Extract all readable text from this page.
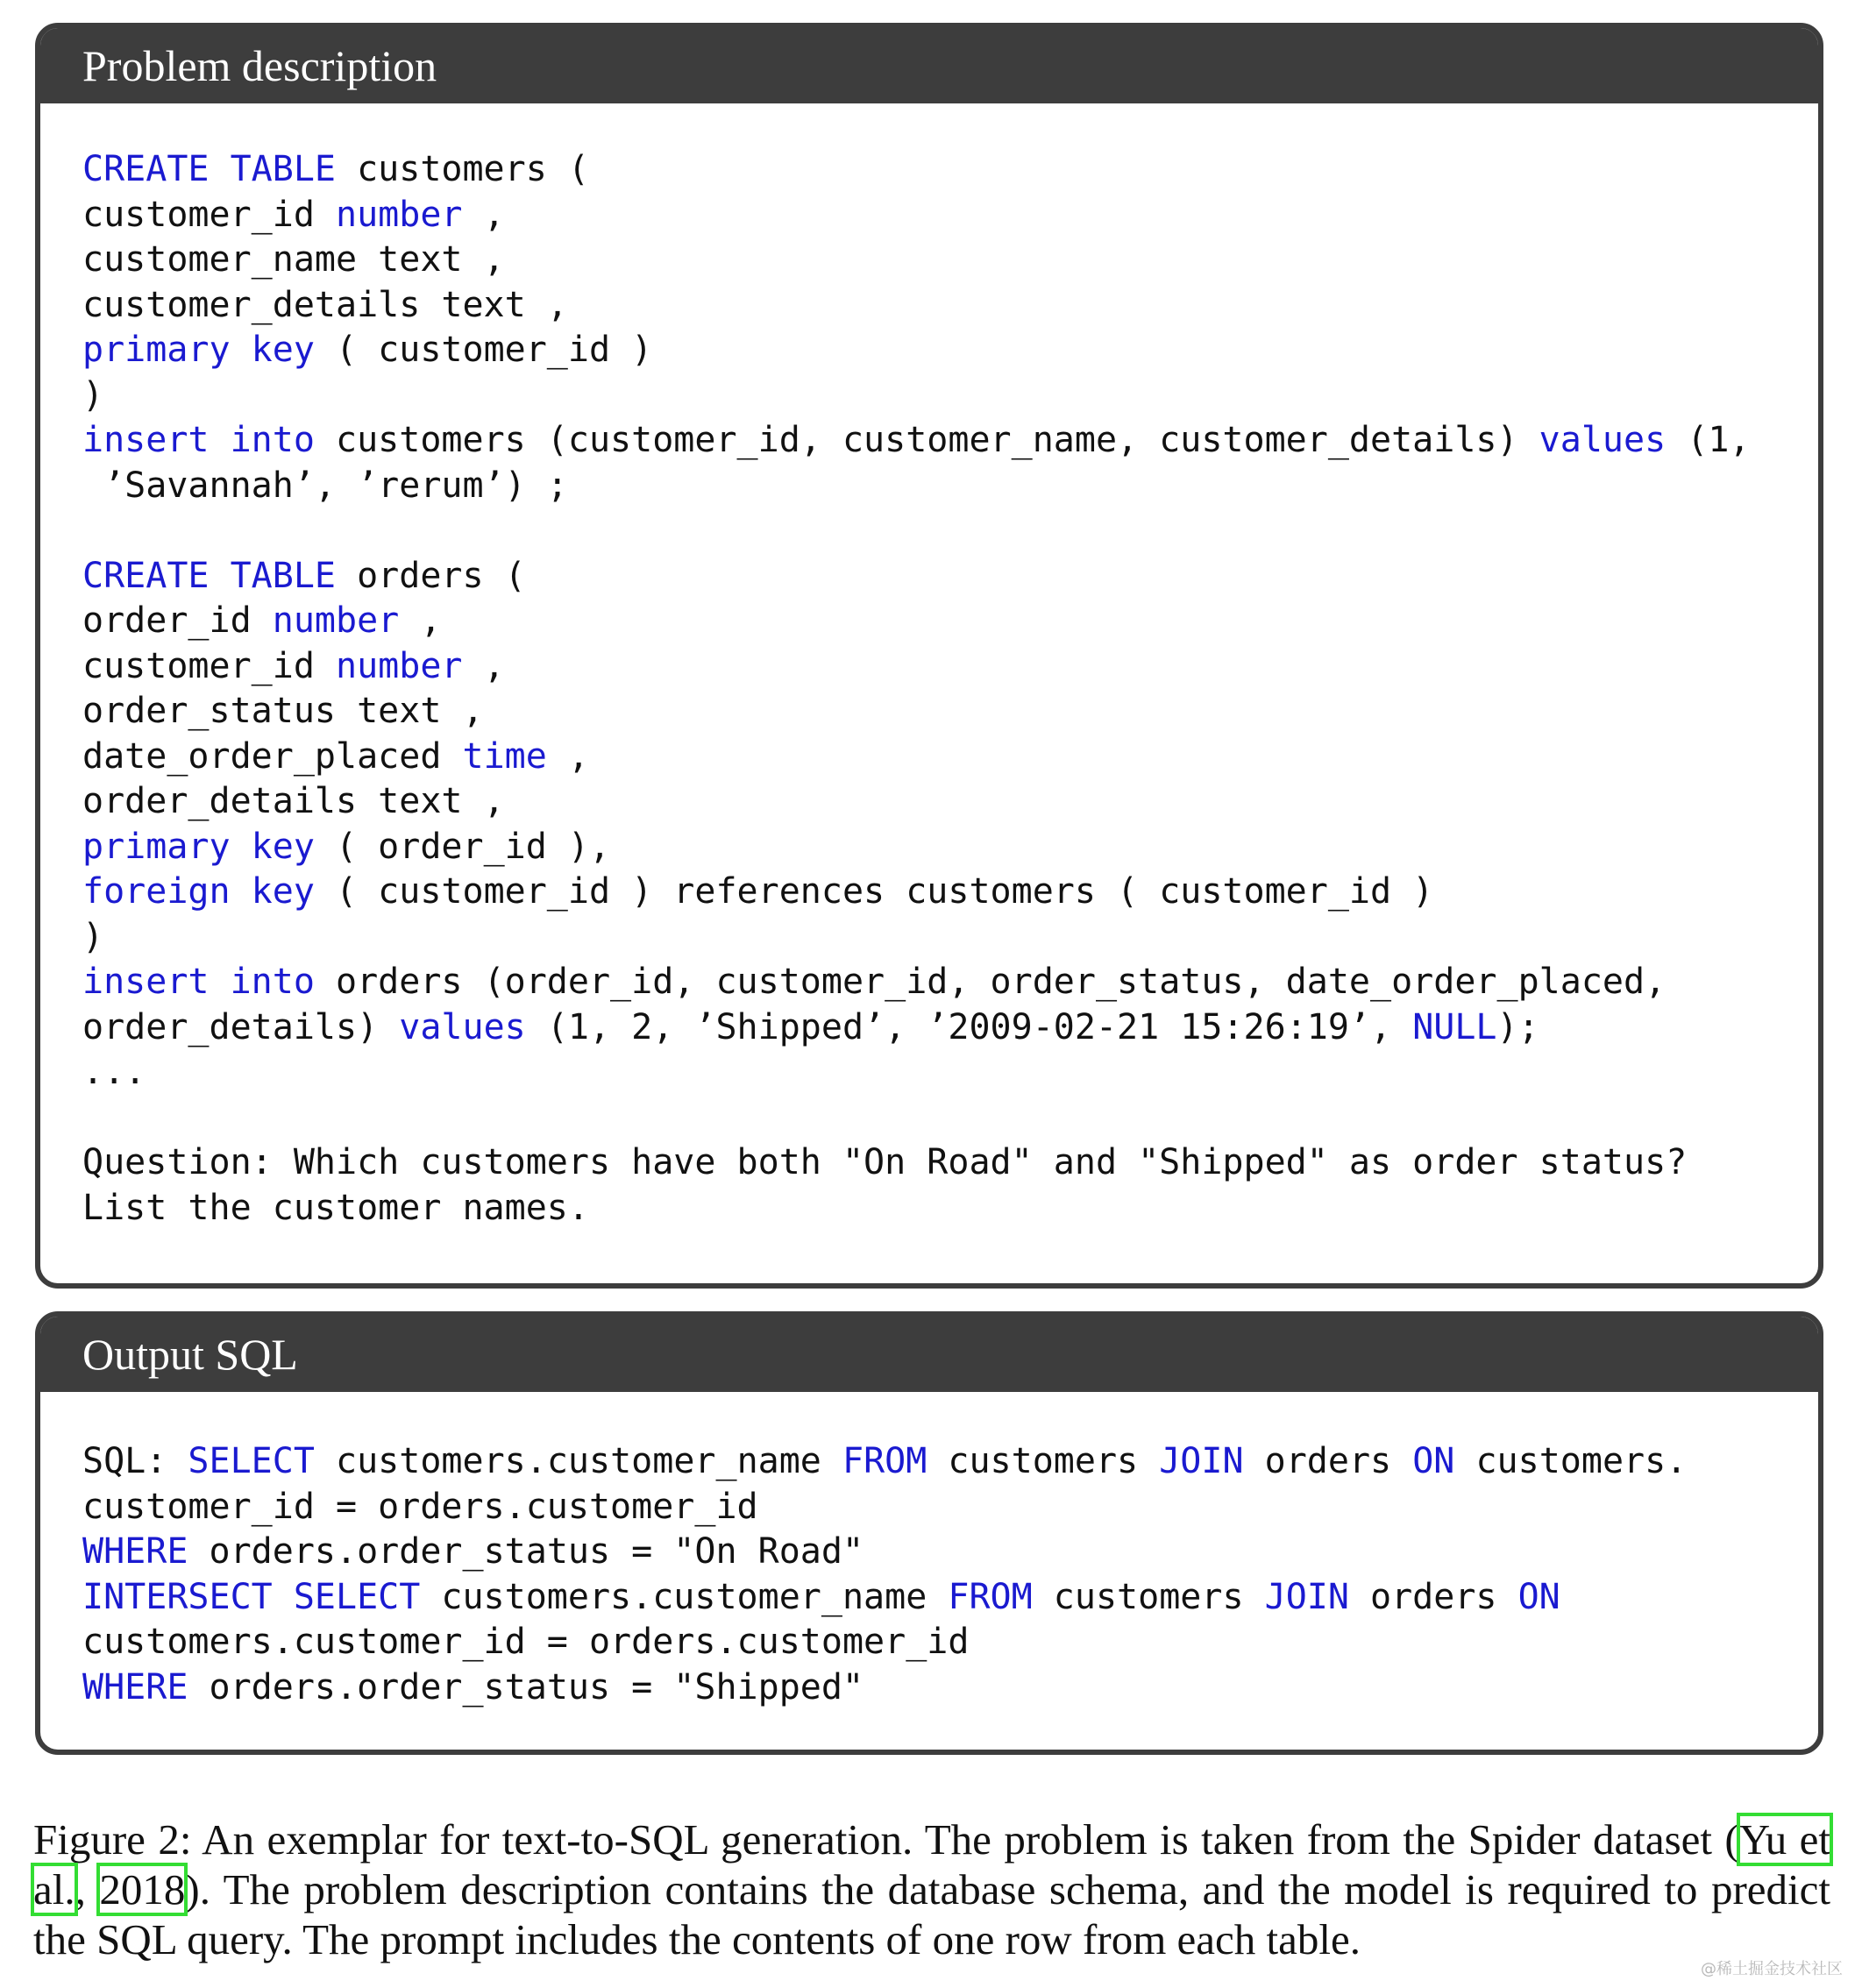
Problem description
CREATE TABLE customers (
customer_id number ,
customer_name text ,
customer_details text ,
primary key ( customer_id )
)
insert into customers (customer_id, customer_name, customer_details) values (1,
’Savannah’, ’rerum’) ;
CREATE TABLE orders (
order_id number ,
customer_id number ,
order_status text ,
date_order_placed time ,
order_details text ,
primary key ( order_id ),
foreign key ( customer_id ) references customers ( customer_id )
)
insert into orders (order_id, customer_id, order_status, date_order_placed,
order_details) values (1, 2, ’Shipped’, ’2009-02-21 15:26:19’, NULL);
...
Question: Which customers have both "On Road" and "Shipped" as order status?
List the customer names.
Output SQL
SQL: SELECT customers.customer_name FROM customers JOIN orders ON customers.
customer_id = orders.customer_id
WHERE orders.order_status = "On Road"
INTERSECT SELECT customers.customer_name FROM customers JOIN orders ON
customers.customer_id = orders.customer_id
WHERE orders.order_status = "Shipped"
Figure 2: An exemplar for text-to-SQL generation. The problem is taken from the Spider dataset (Yu et al., 2018). The problem description contains the database schema, and the model is required to predict the SQL query. The prompt includes the contents of one row from each table.
@稀土掘金技术社区
